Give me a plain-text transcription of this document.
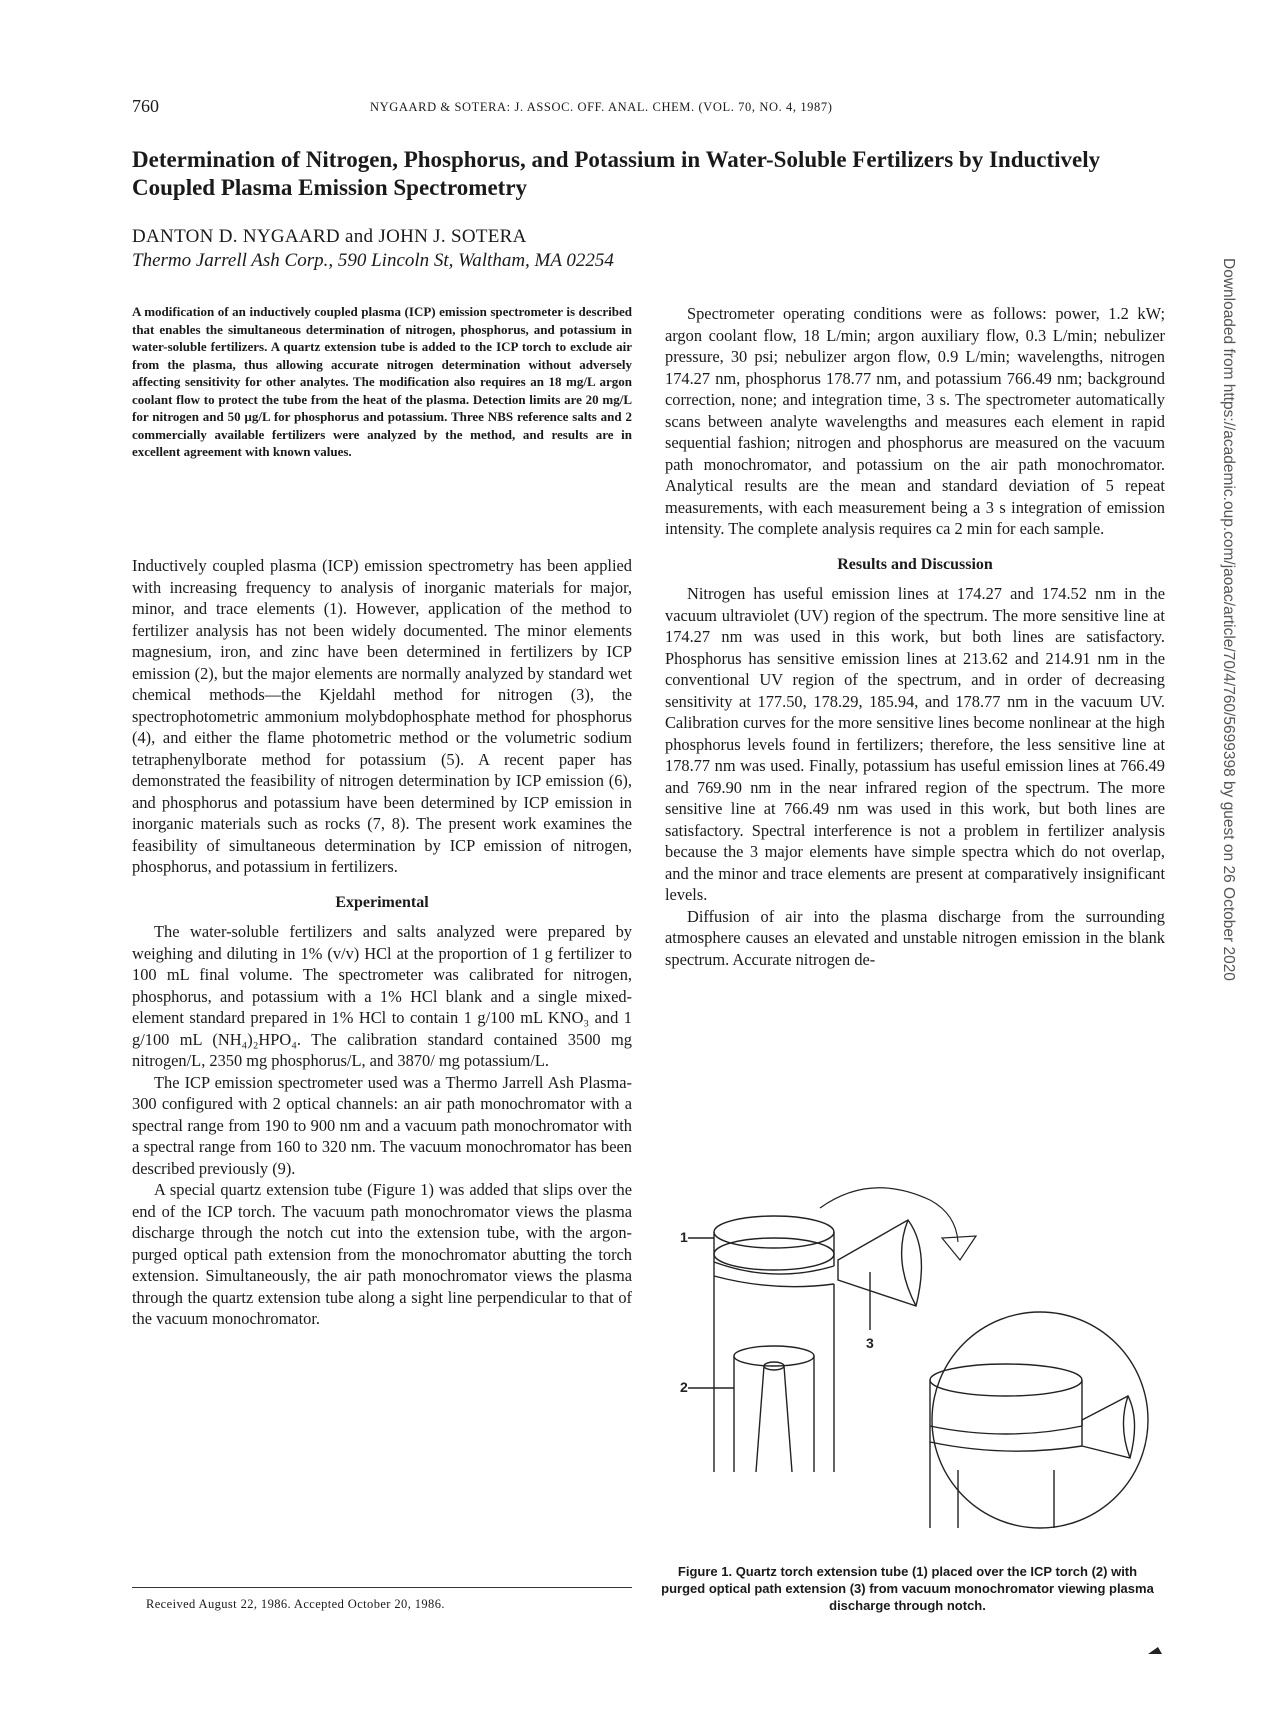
760	NYGAARD & SOTERA: J. ASSOC. OFF. ANAL. CHEM. (VOL. 70, NO. 4, 1987)
Determination of Nitrogen, Phosphorus, and Potassium in Water-Soluble Fertilizers by Inductively Coupled Plasma Emission Spectrometry
DANTON D. NYGAARD and JOHN J. SOTERA
Thermo Jarrell Ash Corp., 590 Lincoln St, Waltham, MA 02254

A modification of an inductively coupled plasma (ICP) emission spectrometer is described that enables the simultaneous determination of nitrogen, phosphorus, and potassium in water-soluble fertilizers. A quartz extension tube is added to the ICP torch to exclude air from the plasma, thus allowing accurate nitrogen determination without adversely affecting sensitivity for other analytes. The modification also requires an 18 mg/L argon coolant flow to protect the tube from the heat of the plasma. Detection limits are 20 mg/L for nitrogen and 50 µg/L for phosphorus and potassium. Three NBS reference salts and 2 commercially available fertilizers were analyzed by the method, and results are in excellent agreement with known values.

Inductively coupled plasma (ICP) emission spectrometry has been applied with increasing frequency to analysis of inorganic materials for major, minor, and trace elements (1). However, application of the method to fertilizer analysis has not been widely documented. The minor elements magnesium, iron, and zinc have been determined in fertilizers by ICP emission (2), but the major elements are normally analyzed by standard wet chemical methods—the Kjeldahl method for nitrogen (3), the spectrophotometric ammonium molybdophosphate method for phosphorus (4), and either the flame photometric method or the volumetric sodium tetraphenylborate method for potassium (5). A recent paper has demonstrated the feasibility of nitrogen determination by ICP emission (6), and phosphorus and potassium have been determined by ICP emission in inorganic materials such as rocks (7, 8). The present work examines the feasibility of simultaneous determination by ICP emission of nitrogen, phosphorus, and potassium in fertilizers.

Experimental

The water-soluble fertilizers and salts analyzed were prepared by weighing and diluting in 1% (v/v) HCl at the proportion of 1 g fertilizer to 100 mL final volume. The spectrometer was calibrated for nitrogen, phosphorus, and potassium with a 1% HCl blank and a single mixed-element standard prepared in 1% HCl to contain 1 g/100 mL KNO₃ and 1 g/100 mL (NH₄)₂HPO₄. The calibration standard contained 3500 mg nitrogen/L, 2350 mg phosphorus/L, and 3870/ mg potassium/L.

The ICP emission spectrometer used was a Thermo Jarrell Ash Plasma-300 configured with 2 optical channels: an air path monochromator with a spectral range from 190 to 900 nm and a vacuum path monochromator with a spectral range from 160 to 320 nm. The vacuum monochromator has been described previously (9).

A special quartz extension tube (Figure 1) was added that slips over the end of the ICP torch. The vacuum path monochromator views the plasma discharge through the notch cut into the extension tube, with the argon-purged optical path extension from the monochromator abutting the torch extension. Simultaneously, the air path monochromator views the plasma through the quartz extension tube along a sight line perpendicular to that of the vacuum monochromator.

Spectrometer operating conditions were as follows: power, 1.2 kW; argon coolant flow, 18 L/min; argon auxiliary flow, 0.3 L/min; nebulizer pressure, 30 psi; nebulizer argon flow, 0.9 L/min; wavelengths, nitrogen 174.27 nm, phosphorus 178.77 nm, and potassium 766.49 nm; background correction, none; and integration time, 3 s. The spectrometer automatically scans between analyte wavelengths and measures each element in rapid sequential fashion; nitrogen and phosphorus are measured on the vacuum path monochromator, and potassium on the air path monochromator. Analytical results are the mean and standard deviation of 5 repeat measurements, with each measurement being a 3 s integration of emission intensity. The complete analysis requires ca 2 min for each sample.

Results and Discussion

Nitrogen has useful emission lines at 174.27 and 174.52 nm in the vacuum ultraviolet (UV) region of the spectrum. The more sensitive line at 174.27 nm was used in this work, but both lines are satisfactory. Phosphorus has sensitive emission lines at 213.62 and 214.91 nm in the conventional UV region of the spectrum, and in order of decreasing sensitivity at 177.50, 178.29, 185.94, and 178.77 nm in the vacuum UV. Calibration curves for the more sensitive lines become nonlinear at the high phosphorus levels found in fertilizers; therefore, the less sensitive line at 178.77 nm was used. Finally, potassium has useful emission lines at 766.49 and 769.90 nm in the near infrared region of the spectrum. The more sensitive line at 766.49 nm was used in this work, but both lines are satisfactory. Spectral interference is not a problem in fertilizer analysis because the 3 major elements have simple spectra which do not overlap, and the minor and trace elements are present at comparatively insignificant levels.

Diffusion of air into the plasma discharge from the surrounding atmosphere causes an elevated and unstable nitrogen emission in the blank spectrum. Accurate nitrogen de-

Received August 22, 1986. Accepted October 20, 1986.
1
2
3
Figure 1. Quartz torch extension tube (1) placed over the ICP torch (2) with purged optical path extension (3) from vacuum monochromator viewing plasma discharge through notch.
Downloaded from https://academic.oup.com/jaoac/article/70/4/760/5699398 by guest on 26 October 2020
